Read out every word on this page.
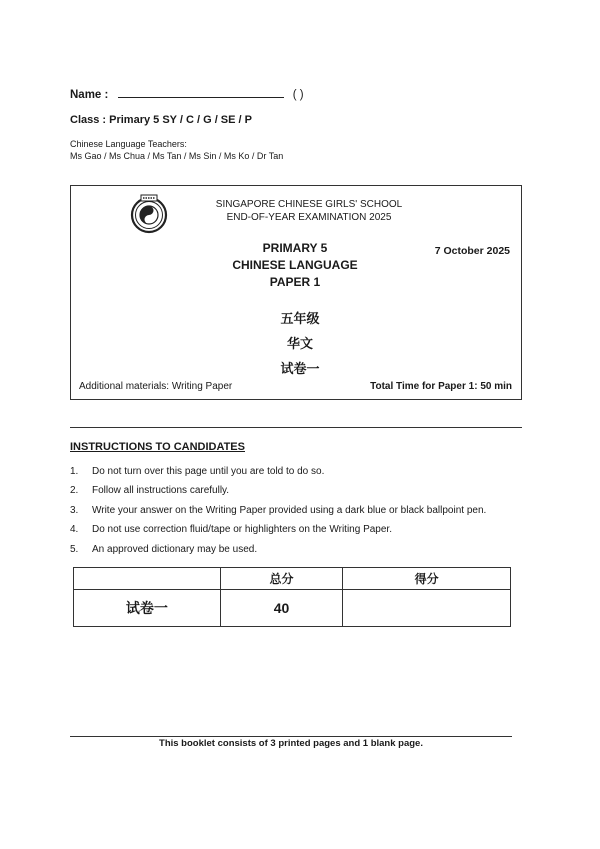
Name :	( )
Class : Primary 5 SY / C / G / SE / P
Chinese Language Teachers:
Ms Gao / Ms Chua / Ms Tan / Ms Sin / Ms Ko / Dr Tan
SINGAPORE CHINESE GIRLS' SCHOOL
END-OF-YEAR EXAMINATION 2025
PRIMARY 5
CHINESE LANGUAGE
PAPER 1
7 October 2025
五年级
华文
试卷一
Additional materials: Writing Paper	Total Time for Paper 1: 50 min
INSTRUCTIONS TO CANDIDATES
1. Do not turn over this page until you are told to do so.
2. Follow all instructions carefully.
3. Write your answer on the Writing Paper provided using a dark blue or black ballpoint pen.
4. Do not use correction fluid/tape or highlighters on the Writing Paper.
5. An approved dictionary may be used.
	总分	得分
试卷一	40	
This booklet consists of 3 printed pages and 1 blank page.
